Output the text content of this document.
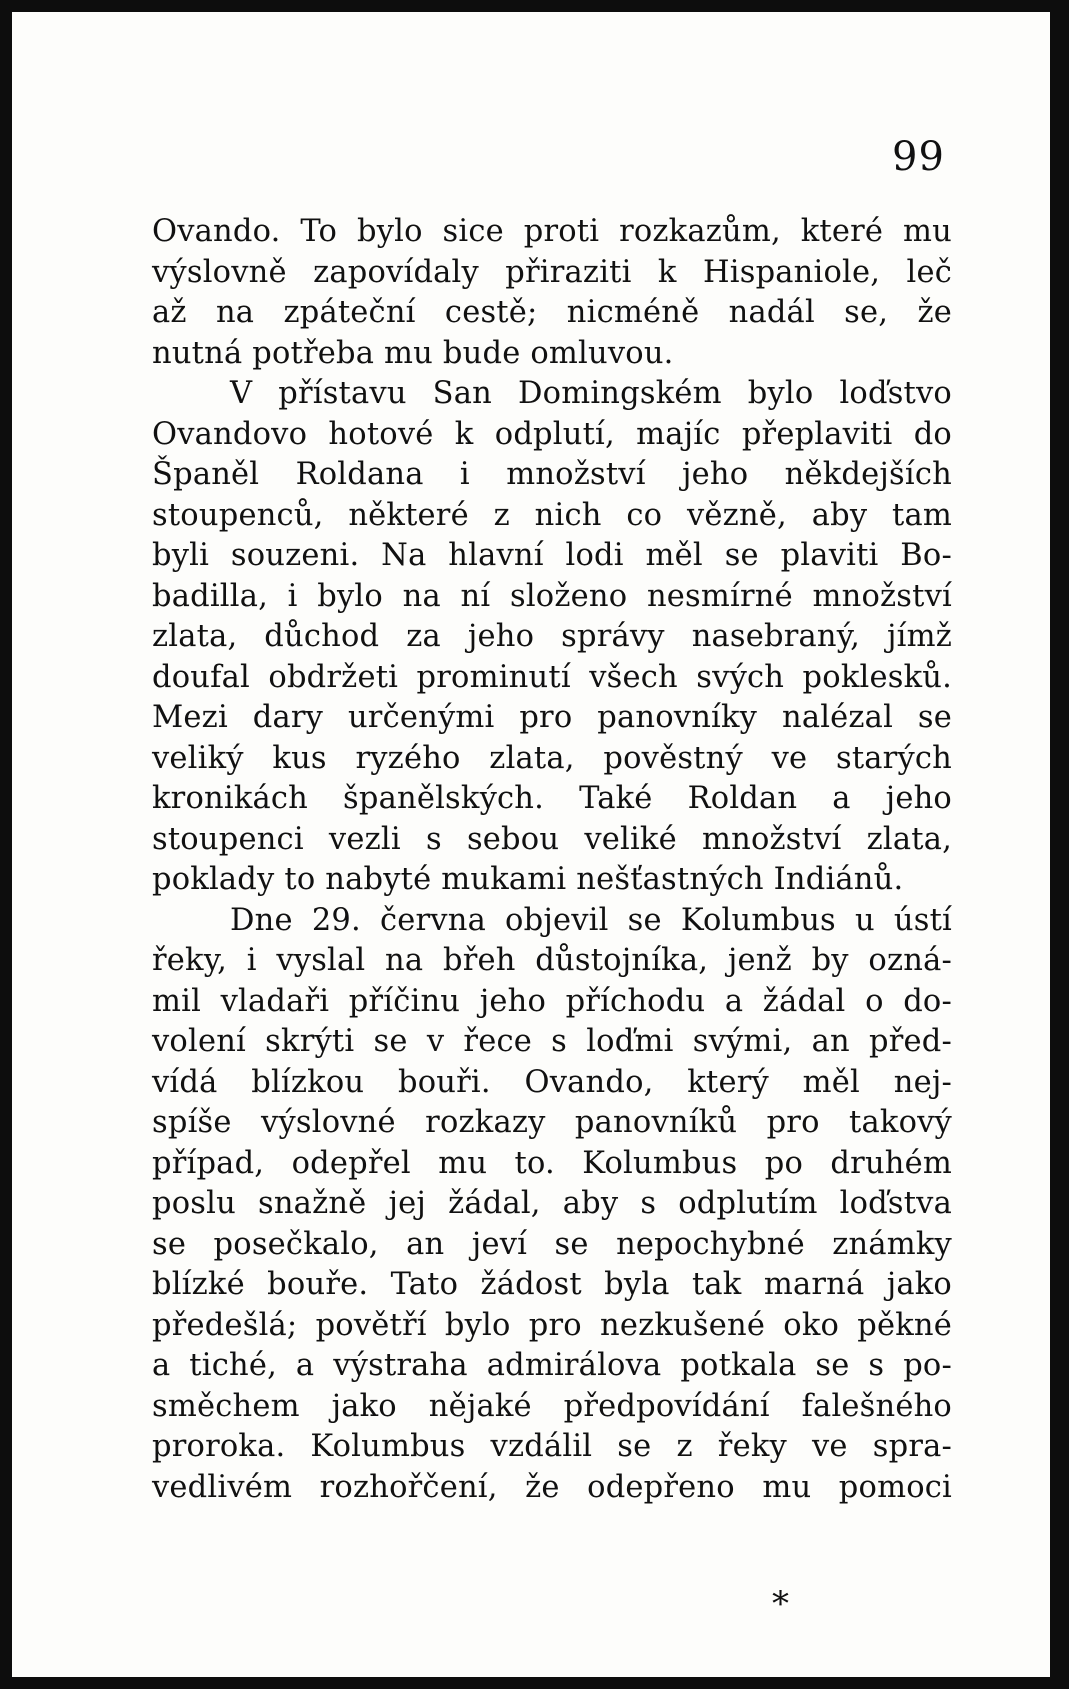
99
Ovando. To bylo sice proti rozkazům, které mu
výslovně zapovídaly přiraziti k Hispaniole, leč
až na zpáteční cestě; nicméně nadál se, že
nutná potřeba mu bude omluvou.
V přístavu San Domingském bylo loďstvo
Ovandovo hotové k odplutí, majíc přeplaviti do
Španěl Roldana i množství jeho někdejších
stoupenců, některé z nich co vězně, aby tam
byli souzeni. Na hlavní lodi měl se plaviti Bo-
badilla, i bylo na ní složeno nesmírné množství
zlata, důchod za jeho správy nasebraný, jímž
doufal obdržeti prominutí všech svých poklesků.
Mezi dary určenými pro panovníky nalézal se
veliký kus ryzého zlata, pověstný ve starých
kronikách španělských. Také Roldan a jeho
stoupenci vezli s sebou veliké množství zlata,
poklady to nabyté mukami nešťastných Indiánů.
Dne 29. června objevil se Kolumbus u ústí
řeky, i vyslal na břeh důstojníka, jenž by ozná-
mil vladaři příčinu jeho příchodu a žádal o do-
volení skrýti se v řece s loďmi svými, an před-
vídá blízkou bouři. Ovando, který měl nej-
spíše výslovné rozkazy panovníků pro takový
případ, odepřel mu to. Kolumbus po druhém
poslu snažně jej žádal, aby s odplutím loďstva
se posečkalo, an jeví se nepochybné známky
blízké bouře. Tato žádost byla tak marná jako
předešlá; povětří bylo pro nezkušené oko pěkné
a tiché, a výstraha admirálova potkala se s po-
směchem jako nějaké předpovídání falešného
proroka. Kolumbus vzdálil se z řeky ve spra-
vedlivém rozhořčení, že odepřeno mu pomoci
*
